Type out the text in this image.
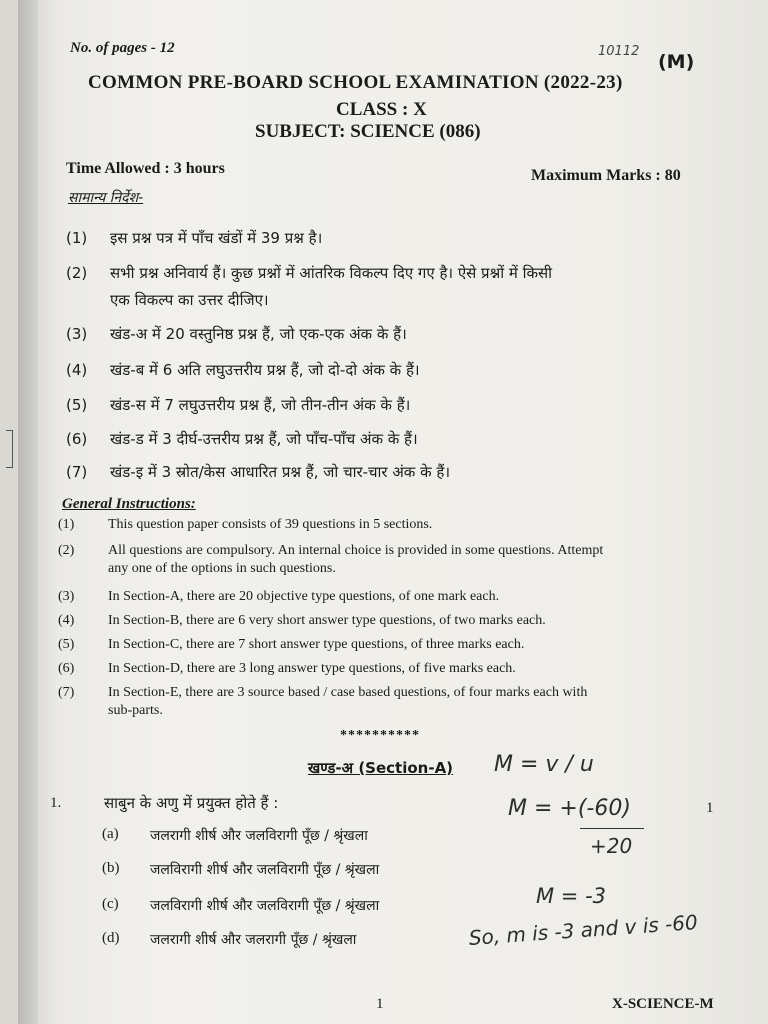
No. of pages - 12	10112 (M)
COMMON PRE-BOARD SCHOOL EXAMINATION (2022-23)
CLASS : X
SUBJECT: SCIENCE (086)
Time Allowed : 3 hours	Maximum Marks : 80
सामान्य निर्देश-
(1) इस प्रश्न पत्र में पाँच खंडों में 39 प्रश्न है।
(2) सभी प्रश्न अनिवार्य हैं। कुछ प्रश्नों में आंतरिक विकल्प दिए गए है। ऐसे प्रश्नों में किसी
एक विकल्प का उत्तर दीजिए।
(3) खंड-अ में 20 वस्तुनिष्ठ प्रश्न हैं, जो एक-एक अंक के हैं।
(4) खंड-ब में 6 अति लघुउत्तरीय प्रश्न हैं, जो दो-दो अंक के हैं।
(5) खंड-स में 7 लघुउत्तरीय प्रश्न हैं, जो तीन-तीन अंक के हैं।
(6) खंड-ड में 3 दीर्घ-उत्तरीय प्रश्न हैं, जो पाँच-पाँच अंक के हैं।
(7) खंड-इ में 3 स्रोत/केस आधारित प्रश्न हैं, जो चार-चार अंक के हैं।
General Instructions:
(1) This question paper consists of 39 questions in 5 sections.
(2) All questions are compulsory. An internal choice is provided in some questions. Attempt
any one of the options in such questions.
(3) In Section-A, there are 20 objective type questions, of one mark each.
(4) In Section-B, there are 6 very short answer type questions, of two marks each.
(5) In Section-C, there are 7 short answer type questions, of three marks each.
(6) In Section-D, there are 3 long answer type questions, of five marks each.
(7) In Section-E, there are 3 source based / case based questions, of four marks each with
sub-parts.
**********
खण्ड-अ (Section-A)
1.	साबुन के अणु में प्रयुक्त होते हैं :	1
(a) जलरागी शीर्ष और जलविरागी पूँछ / श्रृंखला
(b) जलविरागी शीर्ष और जलविरागी पूँछ / श्रृंखला
(c) जलविरागी शीर्ष और जलविरागी पूँछ / श्रृंखला
(d) जलरागी शीर्ष और जलरागी पूँछ / श्रृंखला
M = v / u
M = +(-60)
+20
M = -3
So, m is -3 and v is -60
1	X-SCIENCE-M
